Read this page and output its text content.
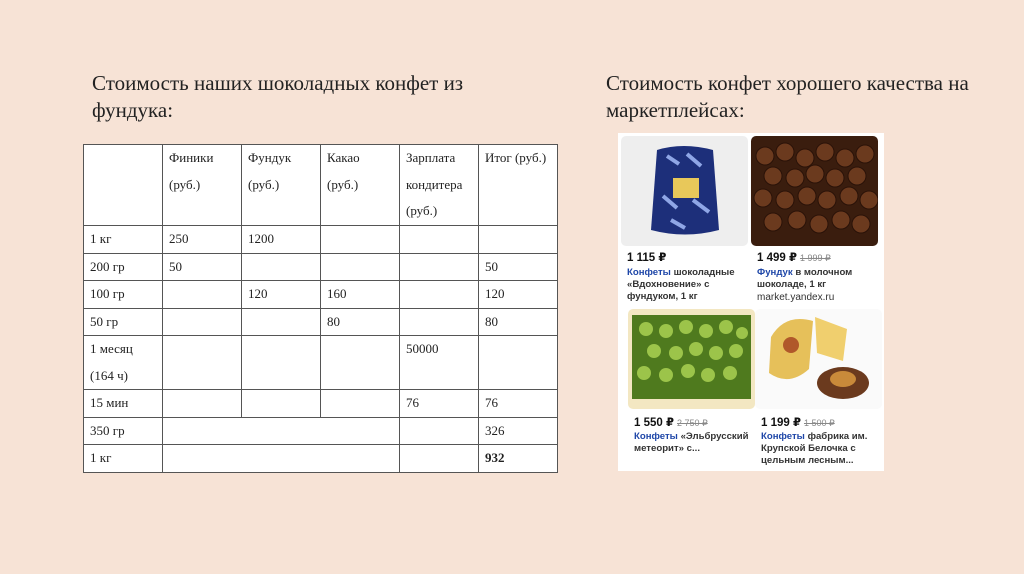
Стоимость наших шоколадных конфет из фундука:
Стоимость конфет хорошего качества на маркетплейсах:
	Финики (руб.)	Фундук (руб.)	Какао (руб.)	Зарплата кондитера (руб.)	Итог (руб.)
1 кг	250	1200			
200 гр	50				50
100 гр		120	160		120
50 гр			80		80
1 месяц (164 ч)				50000	
15 мин				76	76
350 гр					326
1 кг					932
1 115 ₽
Конфеты шоколадные «Вдохновение» с фундуком, 1 кг
1 499 ₽ 1 999 ₽
Фундук в молочном шоколаде, 1 кг
market.yandex.ru
1 550 ₽ 2 750 ₽
Конфеты «Эльбрусский метеорит» с...
1 199 ₽ 1 500 ₽
Конфеты фабрика им. Крупской Белочка с цельным лесным...
